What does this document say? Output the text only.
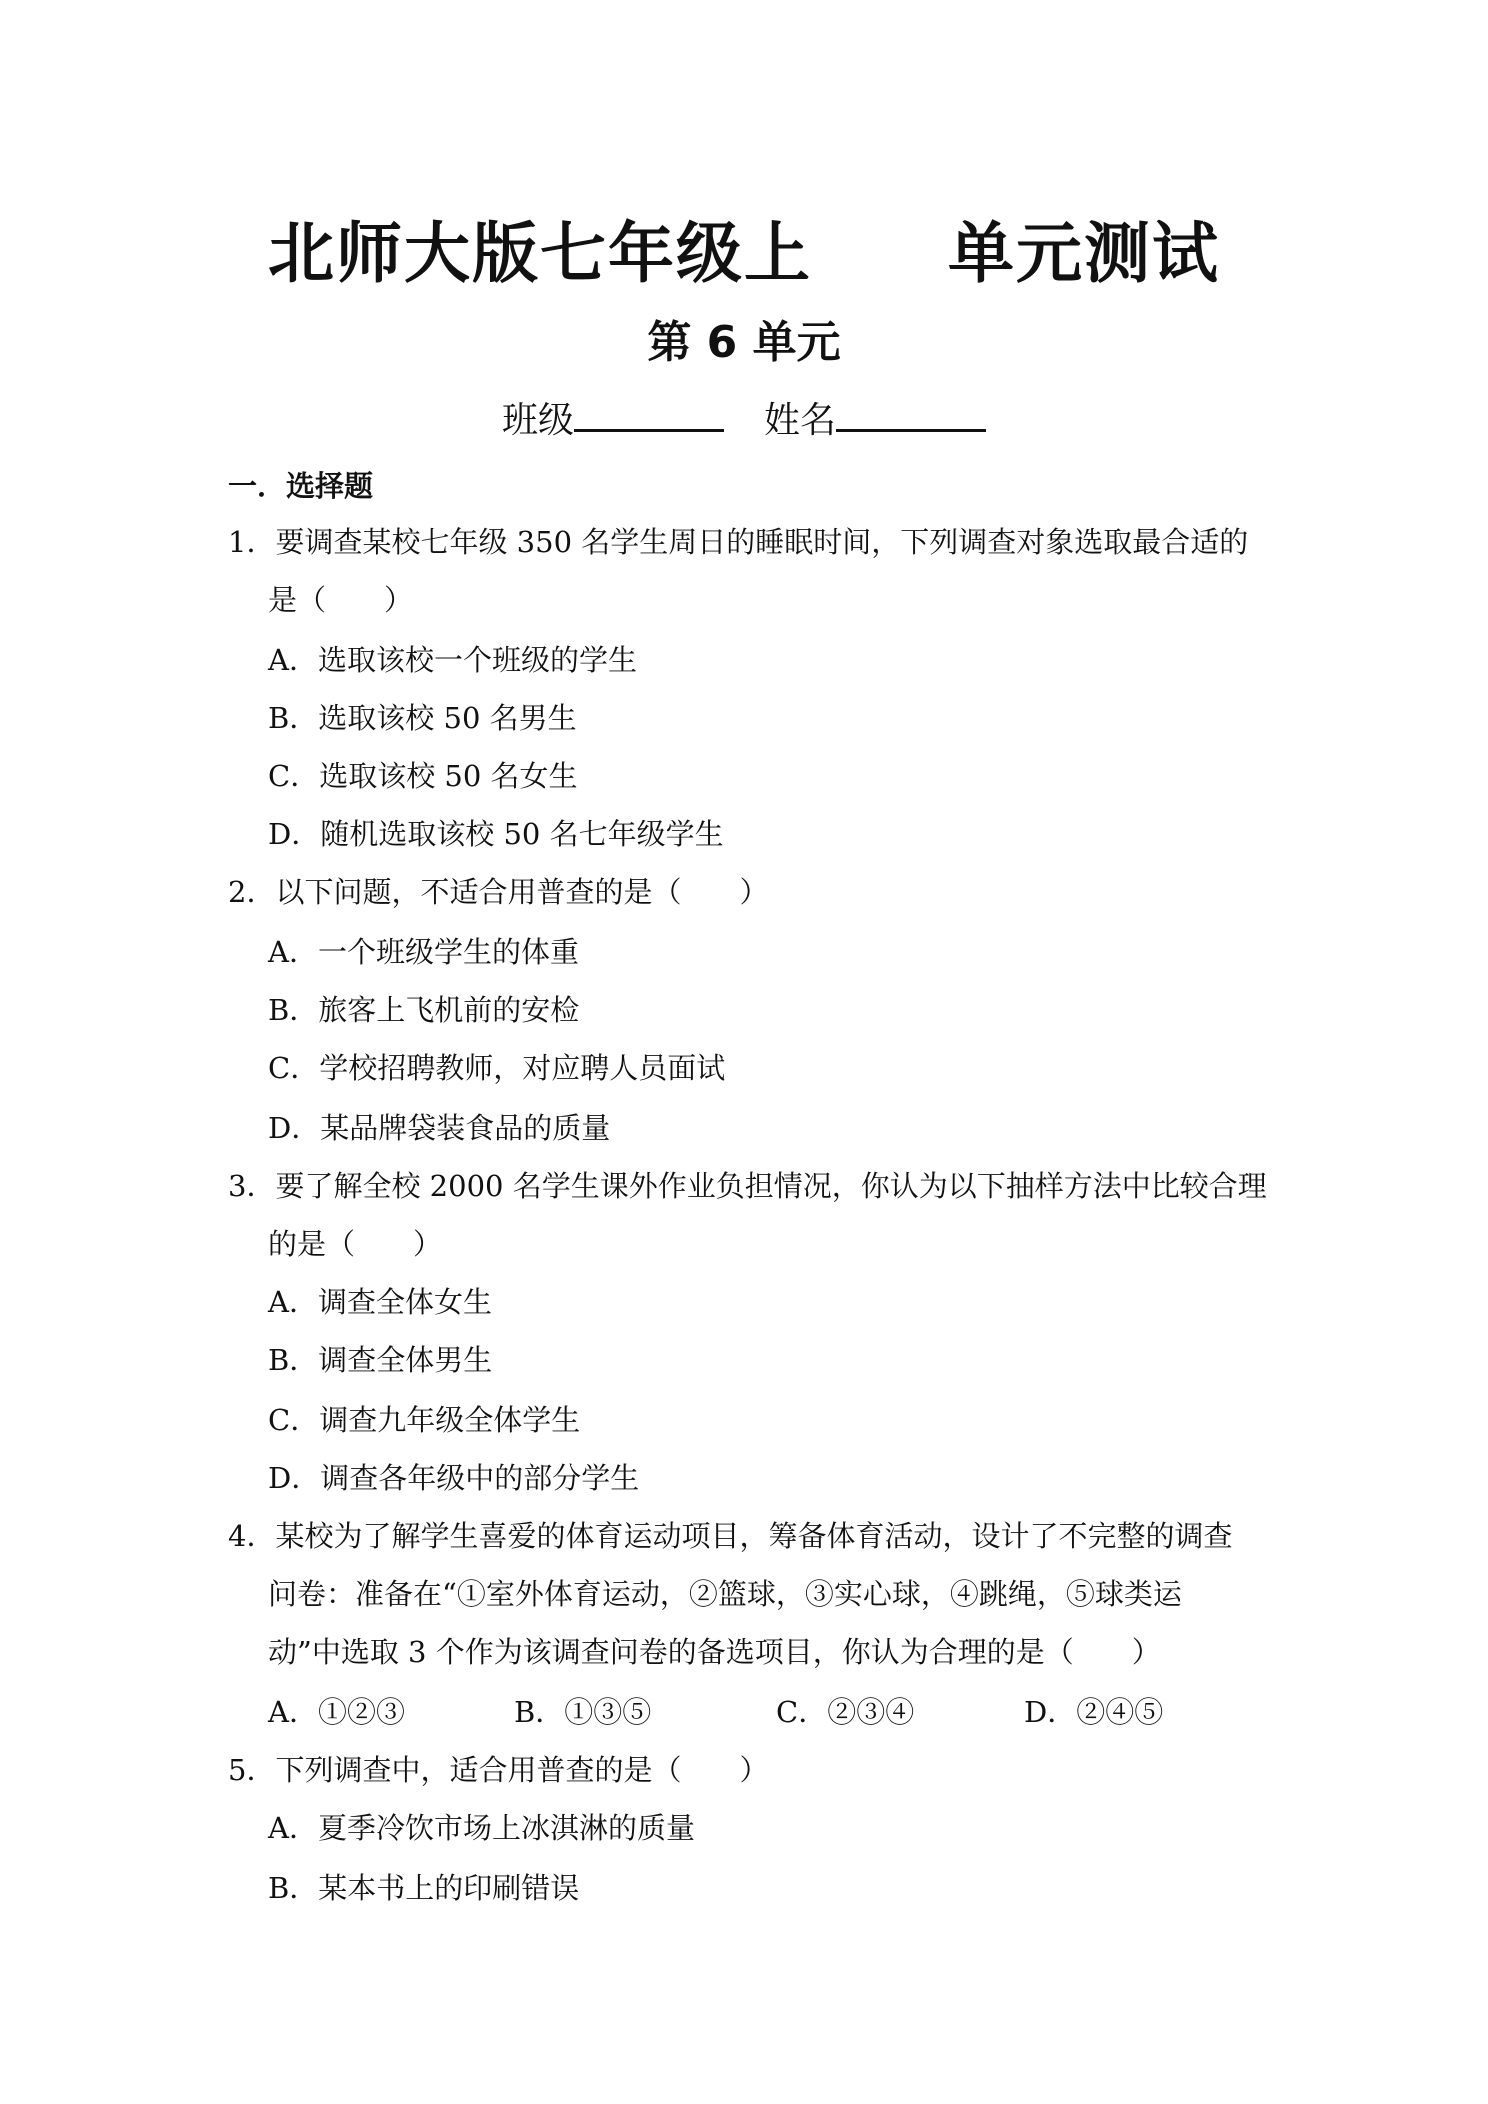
北师大版七年级上　　单元测试
第 6 单元
班级	姓名
一．选择题
1．要调查某校七年级 350 名学生周日的睡眠时间，下列调查对象选取最合适的
是（　　）
A．选取该校一个班级的学生
B．选取该校 50 名男生
C．选取该校 50 名女生
D．随机选取该校 50 名七年级学生
2．以下问题，不适合用普查的是（　　）
A．一个班级学生的体重
B．旅客上飞机前的安检
C．学校招聘教师，对应聘人员面试
D．某品牌袋装食品的质量
3．要了解全校 2000 名学生课外作业负担情况，你认为以下抽样方法中比较合理
的是（　　）
A．调查全体女生
B．调查全体男生
C．调查九年级全体学生
D．调查各年级中的部分学生
4．某校为了解学生喜爱的体育运动项目，筹备体育活动，设计了不完整的调查
问卷：准备在“①室外体育运动，②篮球，③实心球，④跳绳，⑤球类运
动”中选取 3 个作为该调查问卷的备选项目，你认为合理的是（　　）
A．①②③	B．①③⑤	C．②③④	D．②④⑤
5．下列调查中，适合用普查的是（　　）
A．夏季冷饮市场上冰淇淋的质量
B．某本书上的印刷错误
